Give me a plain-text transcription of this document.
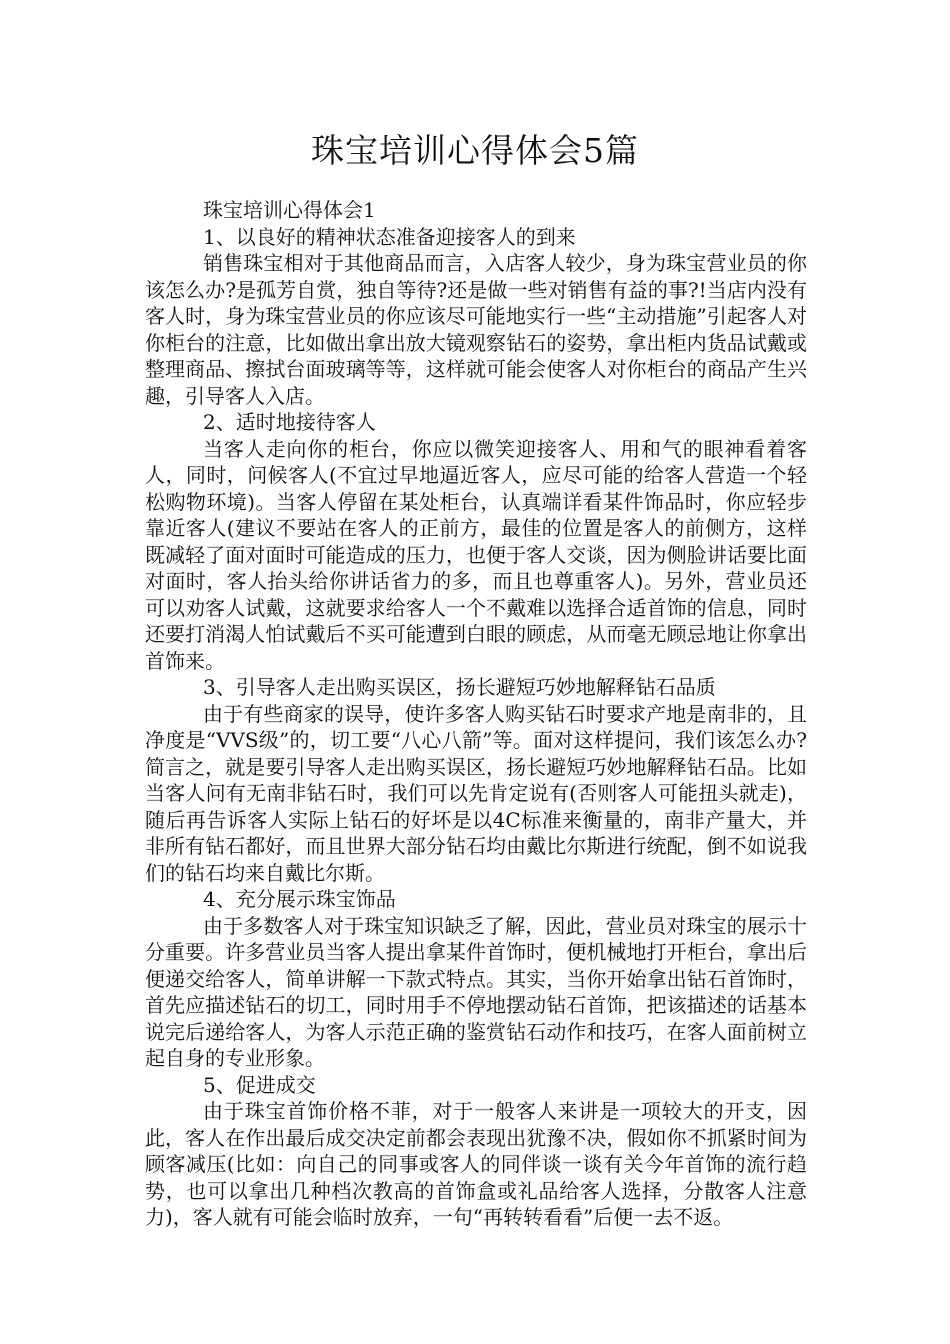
珠宝培训心得体会5篇

珠宝培训心得体会1

1、以良好的精神状态准备迎接客人的到来

销售珠宝相对于其他商品而言，入店客人较少，身为珠宝营业员的你该怎么办?是孤芳自赏，独自等待?还是做一些对销售有益的事?!当店内没有客人时，身为珠宝营业员的你应该尽可能地实行一些“主动措施”引起客人对你柜台的注意，比如做出拿出放大镜观察钻石的姿势，拿出柜内货品试戴或整理商品、擦拭台面玻璃等等，这样就可能会使客人对你柜台的商品产生兴趣，引导客人入店。

2、适时地接待客人

当客人走向你的柜台，你应以微笑迎接客人、用和气的眼神看着客人，同时，问候客人(不宜过早地逼近客人，应尽可能的给客人营造一个轻松购物环境)。当客人停留在某处柜台，认真端详看某件饰品时，你应轻步靠近客人(建议不要站在客人的正前方，最佳的位置是客人的前侧方，这样既减轻了面对面时可能造成的压力，也便于客人交谈，因为侧脸讲话要比面对面时，客人抬头给你讲话省力的多，而且也尊重客人)。另外，营业员还可以劝客人试戴，这就要求给客人一个不戴难以选择合适首饰的信息，同时还要打消渴人怕试戴后不买可能遭到白眼的顾虑，从而毫无顾忌地让你拿出首饰来。

3、引导客人走出购买误区，扬长避短巧妙地解释钻石品质

由于有些商家的误导，使许多客人购买钻石时要求产地是南非的，且净度是“VVS级”的，切工要“八心八箭”等。面对这样提问，我们该怎么办?简言之，就是要引导客人走出购买误区，扬长避短巧妙地解释钻石品。比如当客人问有无南非钻石时，我们可以先肯定说有(否则客人可能扭头就走)，随后再告诉客人实际上钻石的好坏是以4C标准来衡量的，南非产量大，并非所有钻石都好，而且世界大部分钻石均由戴比尔斯进行统配，倒不如说我们的钻石均来自戴比尔斯。

4、充分展示珠宝饰品

由于多数客人对于珠宝知识缺乏了解，因此，营业员对珠宝的展示十分重要。许多营业员当客人提出拿某件首饰时，便机械地打开柜台，拿出后便递交给客人，简单讲解一下款式特点。其实，当你开始拿出钻石首饰时，首先应描述钻石的切工，同时用手不停地摆动钻石首饰，把该描述的话基本说完后递给客人，为客人示范正确的鉴赏钻石动作和技巧，在客人面前树立起自身的专业形象。

5、促进成交

由于珠宝首饰价格不菲，对于一般客人来讲是一项较大的开支，因此，客人在作出最后成交决定前都会表现出犹豫不决，假如你不抓紧时间为顾客减压(比如：向自己的同事或客人的同伴谈一谈有关今年首饰的流行趋势，也可以拿出几种档次教高的首饰盒或礼品给客人选择，分散客人注意力)，客人就有可能会临时放弃，一句“再转转看看”后便一去不返。
